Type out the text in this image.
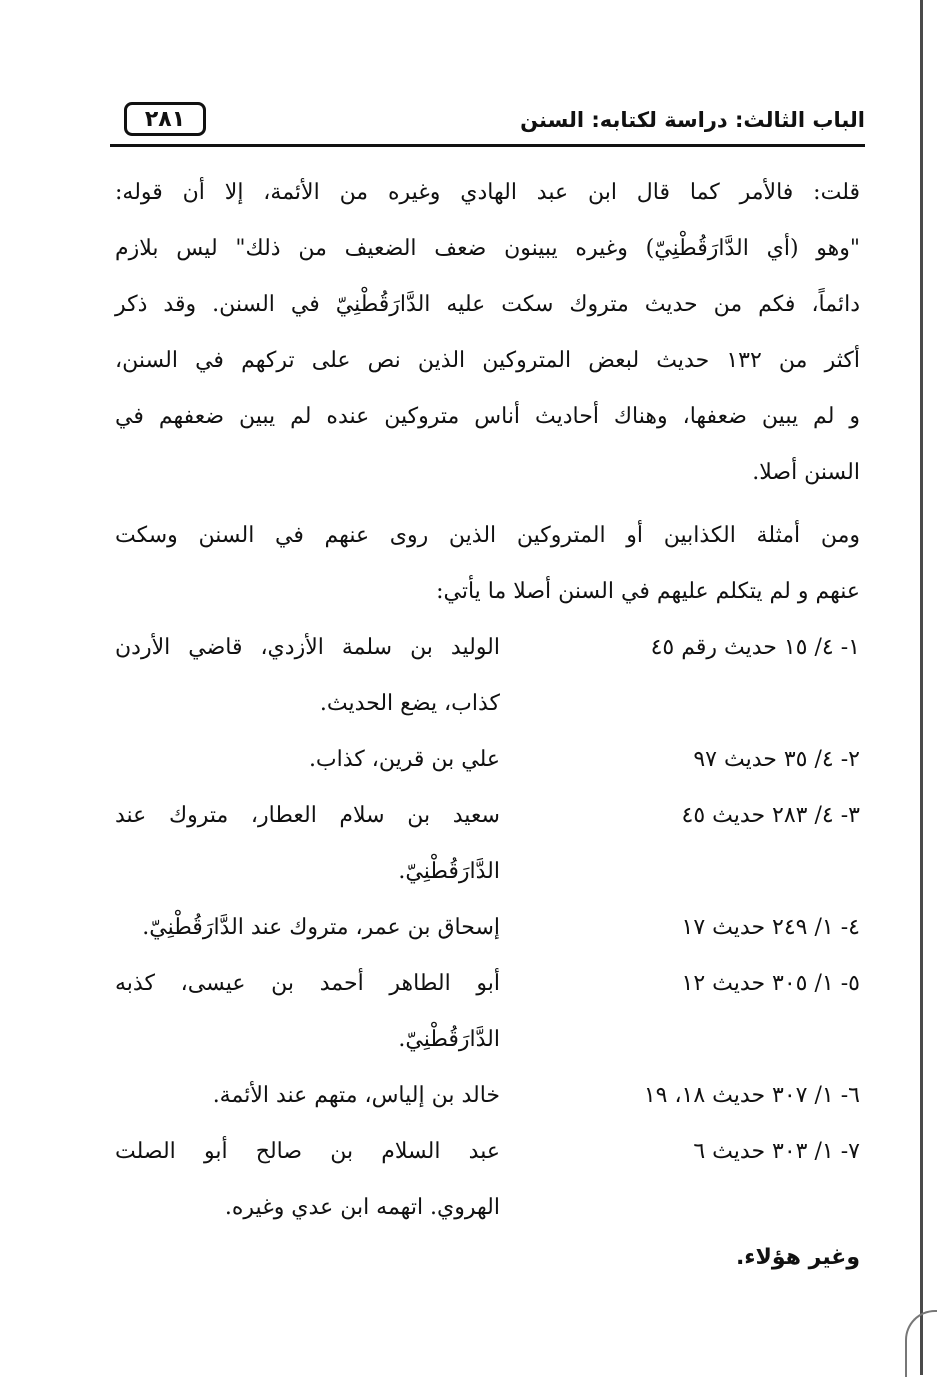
الباب الثالث: دراسة لكتابه: السنن
٢٨١

قلت: فالأمر كما قال ابن عبد الهادي وغيره من الأئمة، إلا أن قوله:
"وهو (أي الدَّارَقُطْنِيّ) وغيره يبينون ضعف الضعيف من ذلك" ليس بلازم
دائماً، فكم من حديث متروك سكت عليه الدَّارَقُطْنِيّ في السنن. وقد ذكر
أكثر من ١٣٢ حديث لبعض المتروكين الذين نص على تركهم في السنن،
و لم يبين ضعفها، وهناك أحاديث أناس متروكين عنده لم يبين ضعفهم في
السنن أصلا.

ومن أمثلة الكذابين أو المتروكين الذين روى عنهم في السنن وسكت
عنهم و لم يتكلم عليهم في السنن أصلا ما يأتي:

١- ٤/ ١٥ حديث رقم ٤٥
الوليد بن سلمة الأزدي، قاضي الأردن
كذاب، يضع الحديث.
٢- ٤/ ٣٥ حديث ٩٧
علي بن قرين، كذاب.
٣- ٤/ ٢٨٣ حديث ٤٥
سعيد بن سلام العطار، متروك عند
الدَّارَقُطْنِيّ.
٤- ١/ ٢٤٩ حديث ١٧
إسحاق بن عمر، متروك عند الدَّارَقُطْنِيّ.
٥- ١/ ٣٠٥ حديث ١٢
أبو الطاهر أحمد بن عيسى، كذبه
الدَّارَقُطْنِيّ.
٦- ١/ ٣٠٧ حديث ١٨، ١٩
خالد بن إلياس، متهم عند الأئمة.
٧- ١/ ٣٠٣ حديث ٦
عبد السلام بن صالح أبو الصلت
الهروي. اتهمه ابن عدي وغيره.
وغير هؤلاء.
